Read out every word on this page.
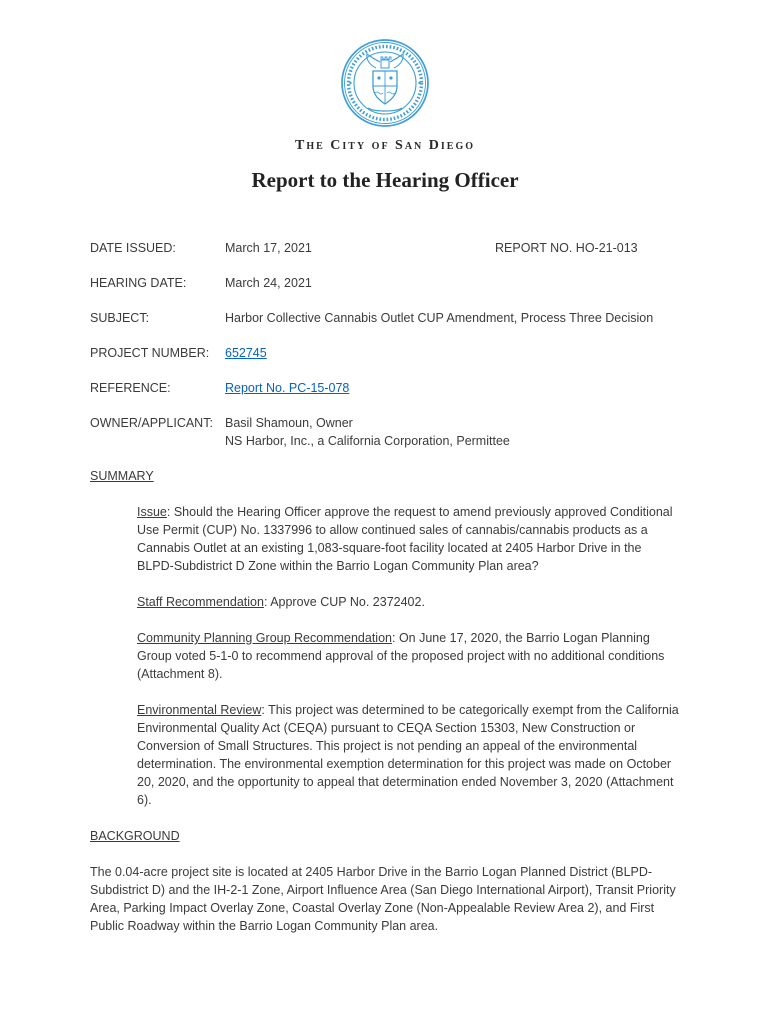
The City of San Diego
Report to the Hearing Officer
DATE ISSUED:	March 17, 2021	REPORT NO. HO-21-013
HEARING DATE:	March 24, 2021
SUBJECT:	Harbor Collective Cannabis Outlet CUP Amendment, Process Three Decision
PROJECT NUMBER:	652745
REFERENCE:	Report No. PC-15-078
OWNER/APPLICANT: Basil Shamoun, Owner
NS Harbor, Inc., a California Corporation, Permittee
SUMMARY

Issue: Should the Hearing Officer approve the request to amend previously approved Conditional Use Permit (CUP) No. 1337996 to allow continued sales of cannabis/cannabis products as a Cannabis Outlet at an existing 1,083-square-foot facility located at 2405 Harbor Drive in the BLPD-Subdistrict D Zone within the Barrio Logan Community Plan area?

Staff Recommendation: Approve CUP No. 2372402.

Community Planning Group Recommendation: On June 17, 2020, the Barrio Logan Planning Group voted 5-1-0 to recommend approval of the proposed project with no additional conditions (Attachment 8).

Environmental Review: This project was determined to be categorically exempt from the California Environmental Quality Act (CEQA) pursuant to CEQA Section 15303, New Construction or Conversion of Small Structures. This project is not pending an appeal of the environmental determination. The environmental exemption determination for this project was made on October 20, 2020, and the opportunity to appeal that determination ended November 3, 2020 (Attachment 6).

BACKGROUND

The 0.04-acre project site is located at 2405 Harbor Drive in the Barrio Logan Planned District (BLPD-Subdistrict D) and the IH-2-1 Zone, Airport Influence Area (San Diego International Airport), Transit Priority Area, Parking Impact Overlay Zone, Coastal Overlay Zone (Non-Appealable Review Area 2), and First Public Roadway within the Barrio Logan Community Plan area.
